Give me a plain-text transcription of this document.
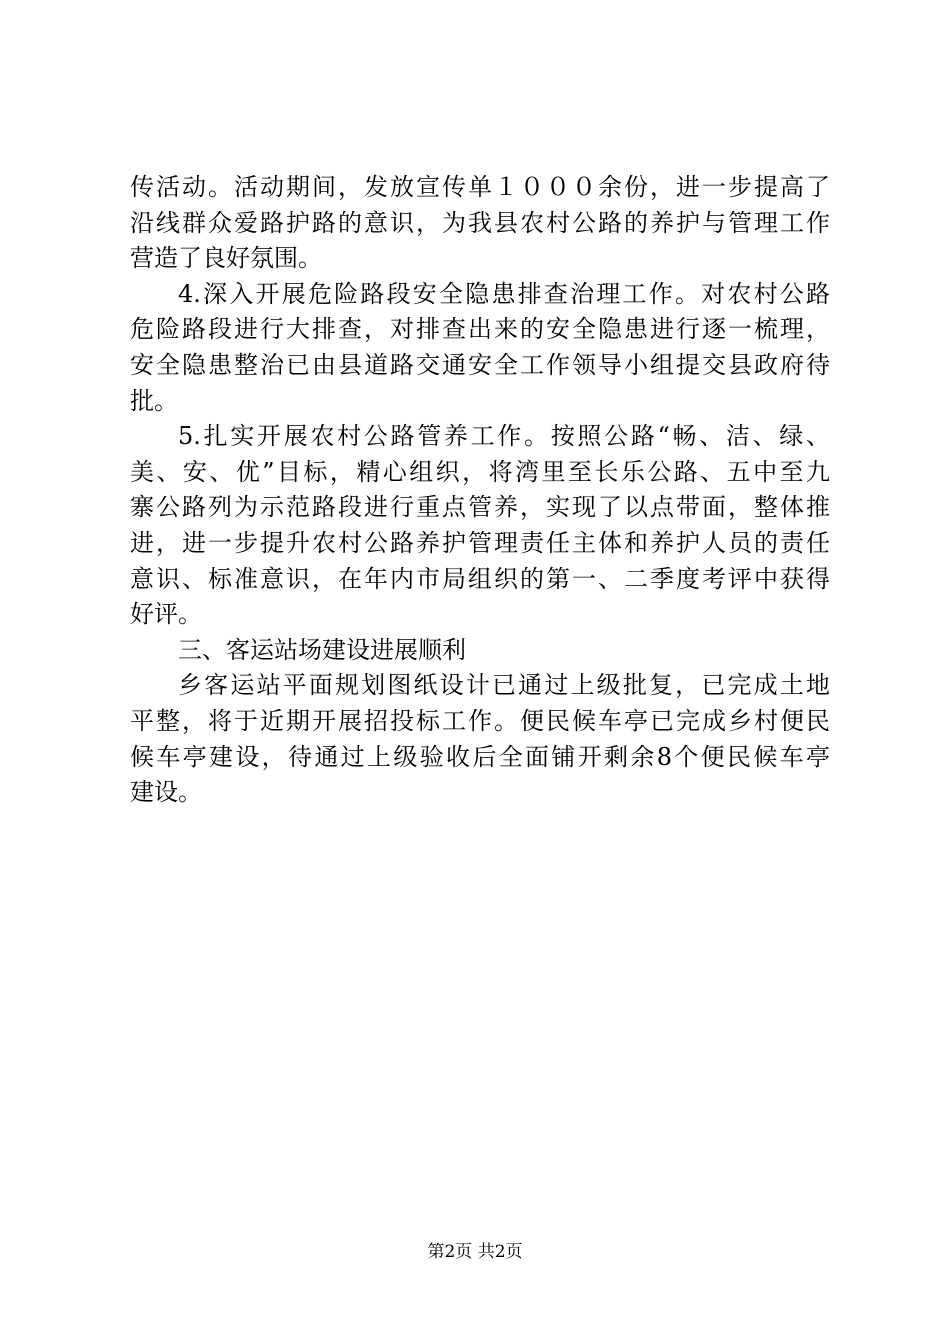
传活动。活动期间，发放宣传单１０００余份，进一步提高了
沿线群众爱路护路的意识，为我县农村公路的养护与管理工作
营造了良好氛围。
4.深入开展危险路段安全隐患排查治理工作。对农村公路
危险路段进行大排查，对排查出来的安全隐患进行逐一梳理，
安全隐患整治已由县道路交通安全工作领导小组提交县政府待
批。
5.扎实开展农村公路管养工作。按照公路“畅、洁、绿、
美、安、优”目标，精心组织，将湾里至长乐公路、五中至九
寨公路列为示范路段进行重点管养，实现了以点带面，整体推
进，进一步提升农村公路养护管理责任主体和养护人员的责任
意识、标准意识，在年内市局组织的第一、二季度考评中获得
好评。
三、客运站场建设进展顺利
乡客运站平面规划图纸设计已通过上级批复，已完成土地
平整，将于近期开展招投标工作。便民候车亭已完成乡村便民
候车亭建设，待通过上级验收后全面铺开剩余8个便民候车亭
建设。
第2页 共2页
